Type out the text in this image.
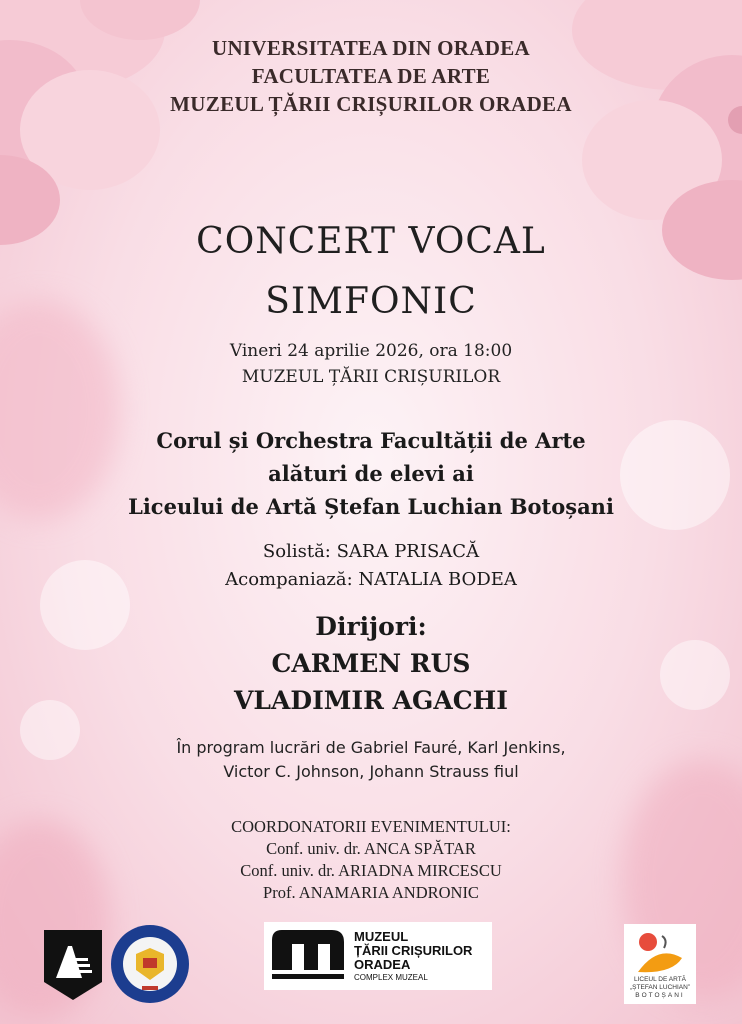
UNIVERSITATEA DIN ORADEA
FACULTATEA DE ARTE
MUZEUL ȚĂRII CRIȘURILOR ORADEA
CONCERT VOCAL
SIMFONIC
Vineri 24 aprilie 2026, ora 18:00
MUZEUL ȚĂRII CRIȘURILOR
Corul și Orchestra Facultății de Arte
alături de elevi ai
Liceului de Artă Ștefan Luchian Botoșani
Solistă: SARA PRISACĂ
Acompaniază: NATALIA BODEA
Dirijori:
CARMEN RUS
VLADIMIR AGACHI
În program lucrări de Gabriel Fauré, Karl Jenkins,
Victor C. Johnson, Johann Strauss fiul
COORDONATORII EVENIMENTULUI:
Conf. univ. dr. ANCA SPĂTAR
Conf. univ. dr. ARIADNA MIRCESCU
Prof. ANAMARIA ANDRONIC
MUZEUL
ȚĂRII CRIȘURILOR
ORADEA
COMPLEX MUZEAL	LICEUL DE ARTĂ
„ȘTEFAN LUCHIAN”
BOTOȘANI
